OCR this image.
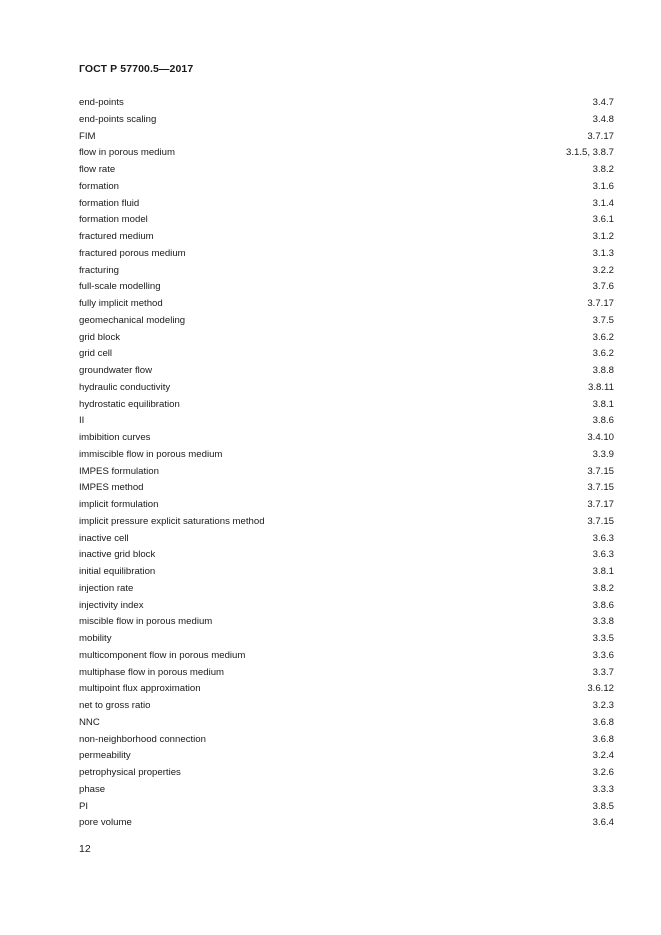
ГОСТ Р 57700.5—2017
end-points	3.4.7
end-points scaling	3.4.8
FIM	3.7.17
flow in porous medium	3.1.5, 3.8.7
flow rate	3.8.2
formation	3.1.6
formation fluid	3.1.4
formation model	3.6.1
fractured medium	3.1.2
fractured porous medium	3.1.3
fracturing	3.2.2
full-scale modelling	3.7.6
fully implicit method	3.7.17
geomechanical modeling	3.7.5
grid block	3.6.2
grid cell	3.6.2
groundwater flow	3.8.8
hydraulic conductivity	3.8.11
hydrostatic equilibration	3.8.1
II	3.8.6
imbibition curves	3.4.10
immiscible flow in porous medium	3.3.9
IMPES formulation	3.7.15
IMPES method	3.7.15
implicit formulation	3.7.17
implicit pressure explicit saturations method	3.7.15
inactive cell	3.6.3
inactive grid block	3.6.3
initial equilibration	3.8.1
injection rate	3.8.2
injectivity index	3.8.6
miscible flow in porous medium	3.3.8
mobility	3.3.5
multicomponent flow in porous medium	3.3.6
multiphase flow in porous medium	3.3.7
multipoint flux approximation	3.6.12
net to gross ratio	3.2.3
NNC	3.6.8
non-neighborhood connection	3.6.8
permeability	3.2.4
petrophysical properties	3.2.6
phase	3.3.3
PI	3.8.5
pore volume	3.6.4
12
